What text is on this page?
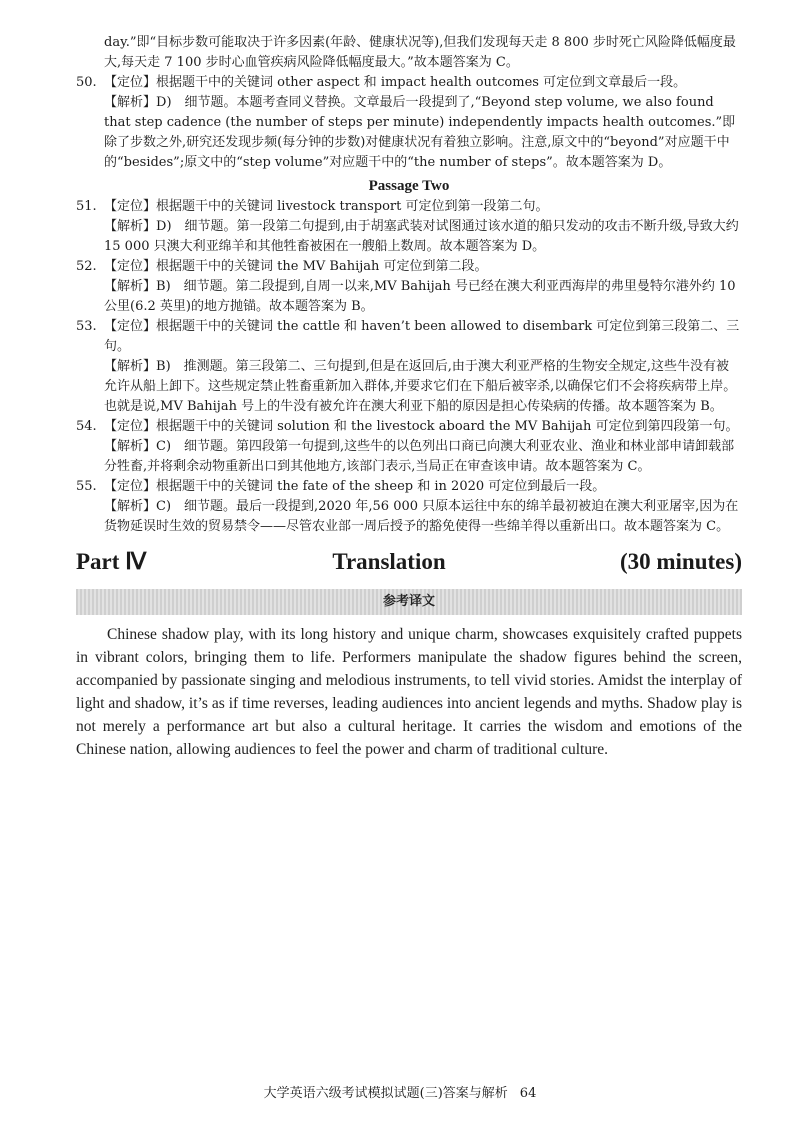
day.”即“目标步数可能取决于许多因素(年龄、健康状况等),但我们发现每天走 8 800 步时死亡风险降低幅度最大,每天走 7 100 步时心血管疾病风险降低幅度最大。”故本题答案为 C。
50. 【定位】根据题干中的关键词 other aspect 和 impact health outcomes 可定位到文章最后一段。
【解析】D)　细节题。本题考查同义替换。文章最后一段提到了,“Beyond step volume, we also found that step cadence (the number of steps per minute) independently impacts health outcomes.”即除了步数之外,研究还发现步频(每分钟的步数)对健康状况有着独立影响。注意,原文中的“beyond”对应题干中的“besides”;原文中的“step volume”对应题干中的“the number of steps”。故本题答案为 D。
Passage Two
51. 【定位】根据题干中的关键词 livestock transport 可定位到第一段第二句。
【解析】D)　细节题。第一段第二句提到,由于胡塞武装对试图通过该水道的船只发动的攻击不断升级,导致大约 15 000 只澳大利亚绵羊和其他牲畜被困在一艘船上数周。故本题答案为 D。
52. 【定位】根据题干中的关键词 the MV Bahijah 可定位到第二段。
【解析】B)　细节题。第二段提到,自周一以来,MV Bahijah 号已经在澳大利亚西海岸的弗里曼特尔港外约 10 公里(6.2 英里)的地方抛锚。故本题答案为 B。
53. 【定位】根据题干中的关键词 the cattle 和 haven’t been allowed to disembark 可定位到第三段第二、三句。
【解析】B)　推测题。第三段第二、三句提到,但是在返回后,由于澳大利亚严格的生物安全规定,这些牛没有被允许从船上卸下。这些规定禁止牲畜重新加入群体,并要求它们在下船后被宰杀,以确保它们不会将疾病带上岸。也就是说,MV Bahijah 号上的牛没有被允许在澳大利亚下船的原因是担心传染病的传播。故本题答案为 B。
54. 【定位】根据题干中的关键词 solution 和 the livestock aboard the MV Bahijah 可定位到第四段第一句。
【解析】C)　细节题。第四段第一句提到,这些牛的以色列出口商已向澳大利亚农业、渔业和林业部申请卸载部分牲畜,并将剩余动物重新出口到其他地方,该部门表示,当局正在审查该申请。故本题答案为 C。
55. 【定位】根据题干中的关键词 the fate of the sheep 和 in 2020 可定位到最后一段。
【解析】C)　细节题。最后一段提到,2020 年,56 000 只原本运往中东的绵羊最初被迫在澳大利亚屠宰,因为在货物延误时生效的贸易禁令——尽管农业部一周后授予的豁免使得一些绵羊得以重新出口。故本题答案为 C。
Part Ⅳ	Translation	(30 minutes)
参考译文
Chinese shadow play, with its long history and unique charm, showcases exquisitely crafted puppets in vibrant colors, bringing them to life. Performers manipulate the shadow figures behind the screen, accompanied by passionate singing and melodious instruments, to tell vivid stories. Amidst the interplay of light and shadow, it’s as if time reverses, leading audiences into ancient legends and myths. Shadow play is not merely a performance art but also a cultural heritage. It carries the wisdom and emotions of the Chinese nation, allowing audiences to feel the power and charm of traditional culture.
大学英语六级考试模拟试题(三)答案与解析 64
